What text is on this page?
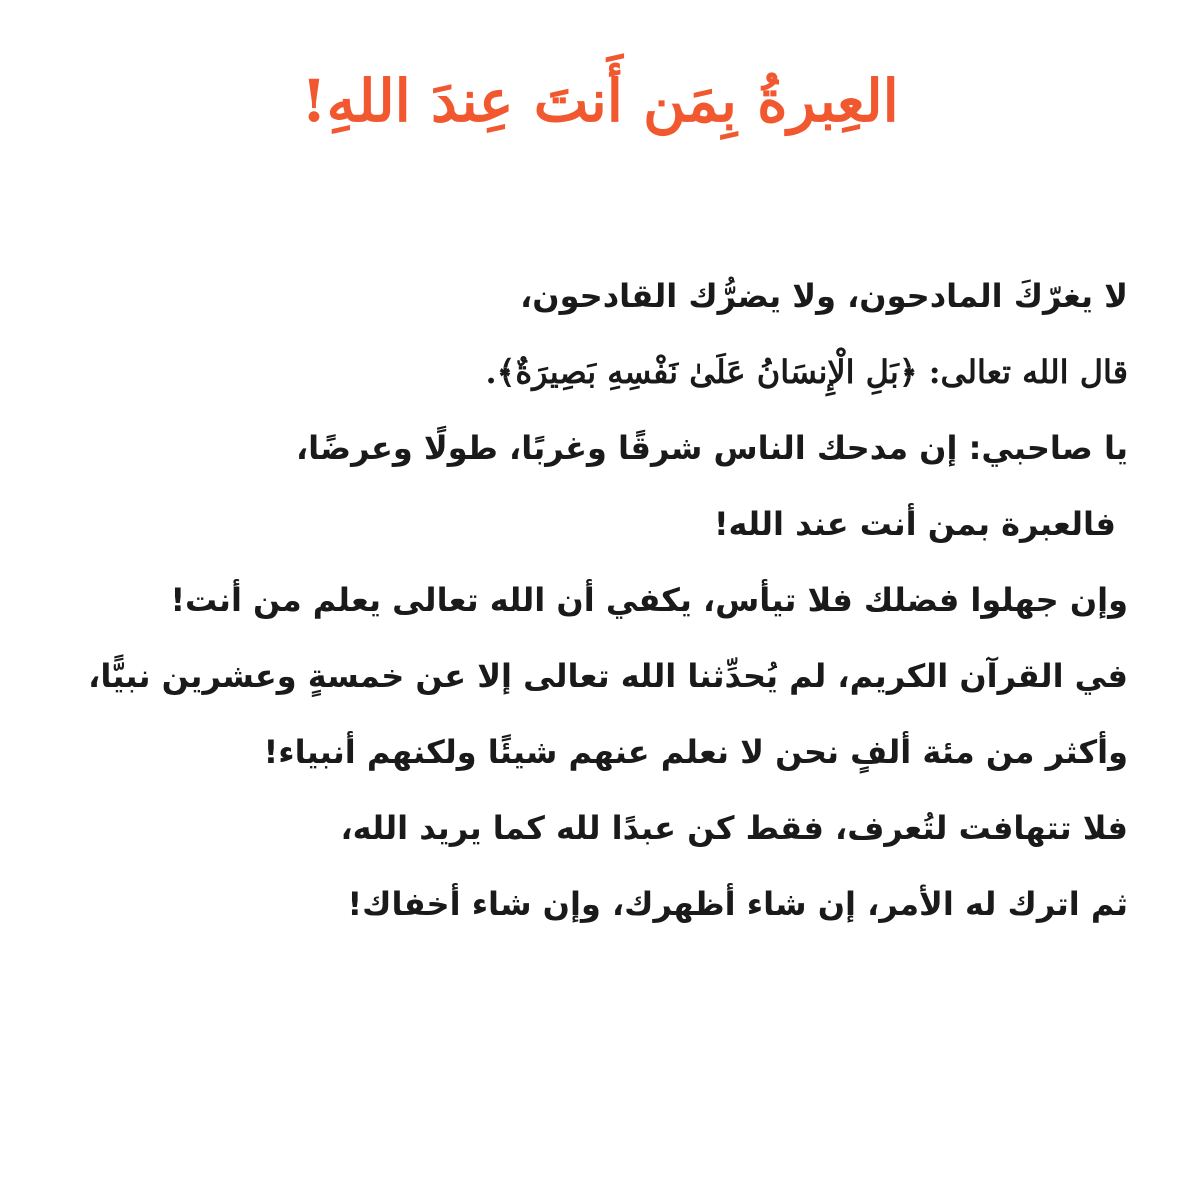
العِبرةُ بِمَن أَنتَ عِندَ اللهِ!
لا يغرّكَ المادحون، ولا يضرُّك القادحون،
قال الله تعالى: ﴿بَلِ الْإِنسَانُ عَلَىٰ نَفْسِهِ بَصِيرَةٌ﴾.
يا صاحبي: إن مدحك الناس شرقًا وغربًا، طولًا وعرضًا،
فالعبرة بمن أنت عند الله!
وإن جهلوا فضلك فلا تيأس، يكفي أن الله تعالى يعلم من أنت!
في القرآن الكريم، لم يُحدِّثنا الله تعالى إلا عن خمسةٍ وعشرين نبيًّا،
وأكثر من مئة ألفٍ نحن لا نعلم عنهم شيئًا ولكنهم أنبياء!
فلا تتهافت لتُعرف، فقط كن عبدًا لله كما يريد الله،
ثم اترك له الأمر، إن شاء أظهرك، وإن شاء أخفاك!
